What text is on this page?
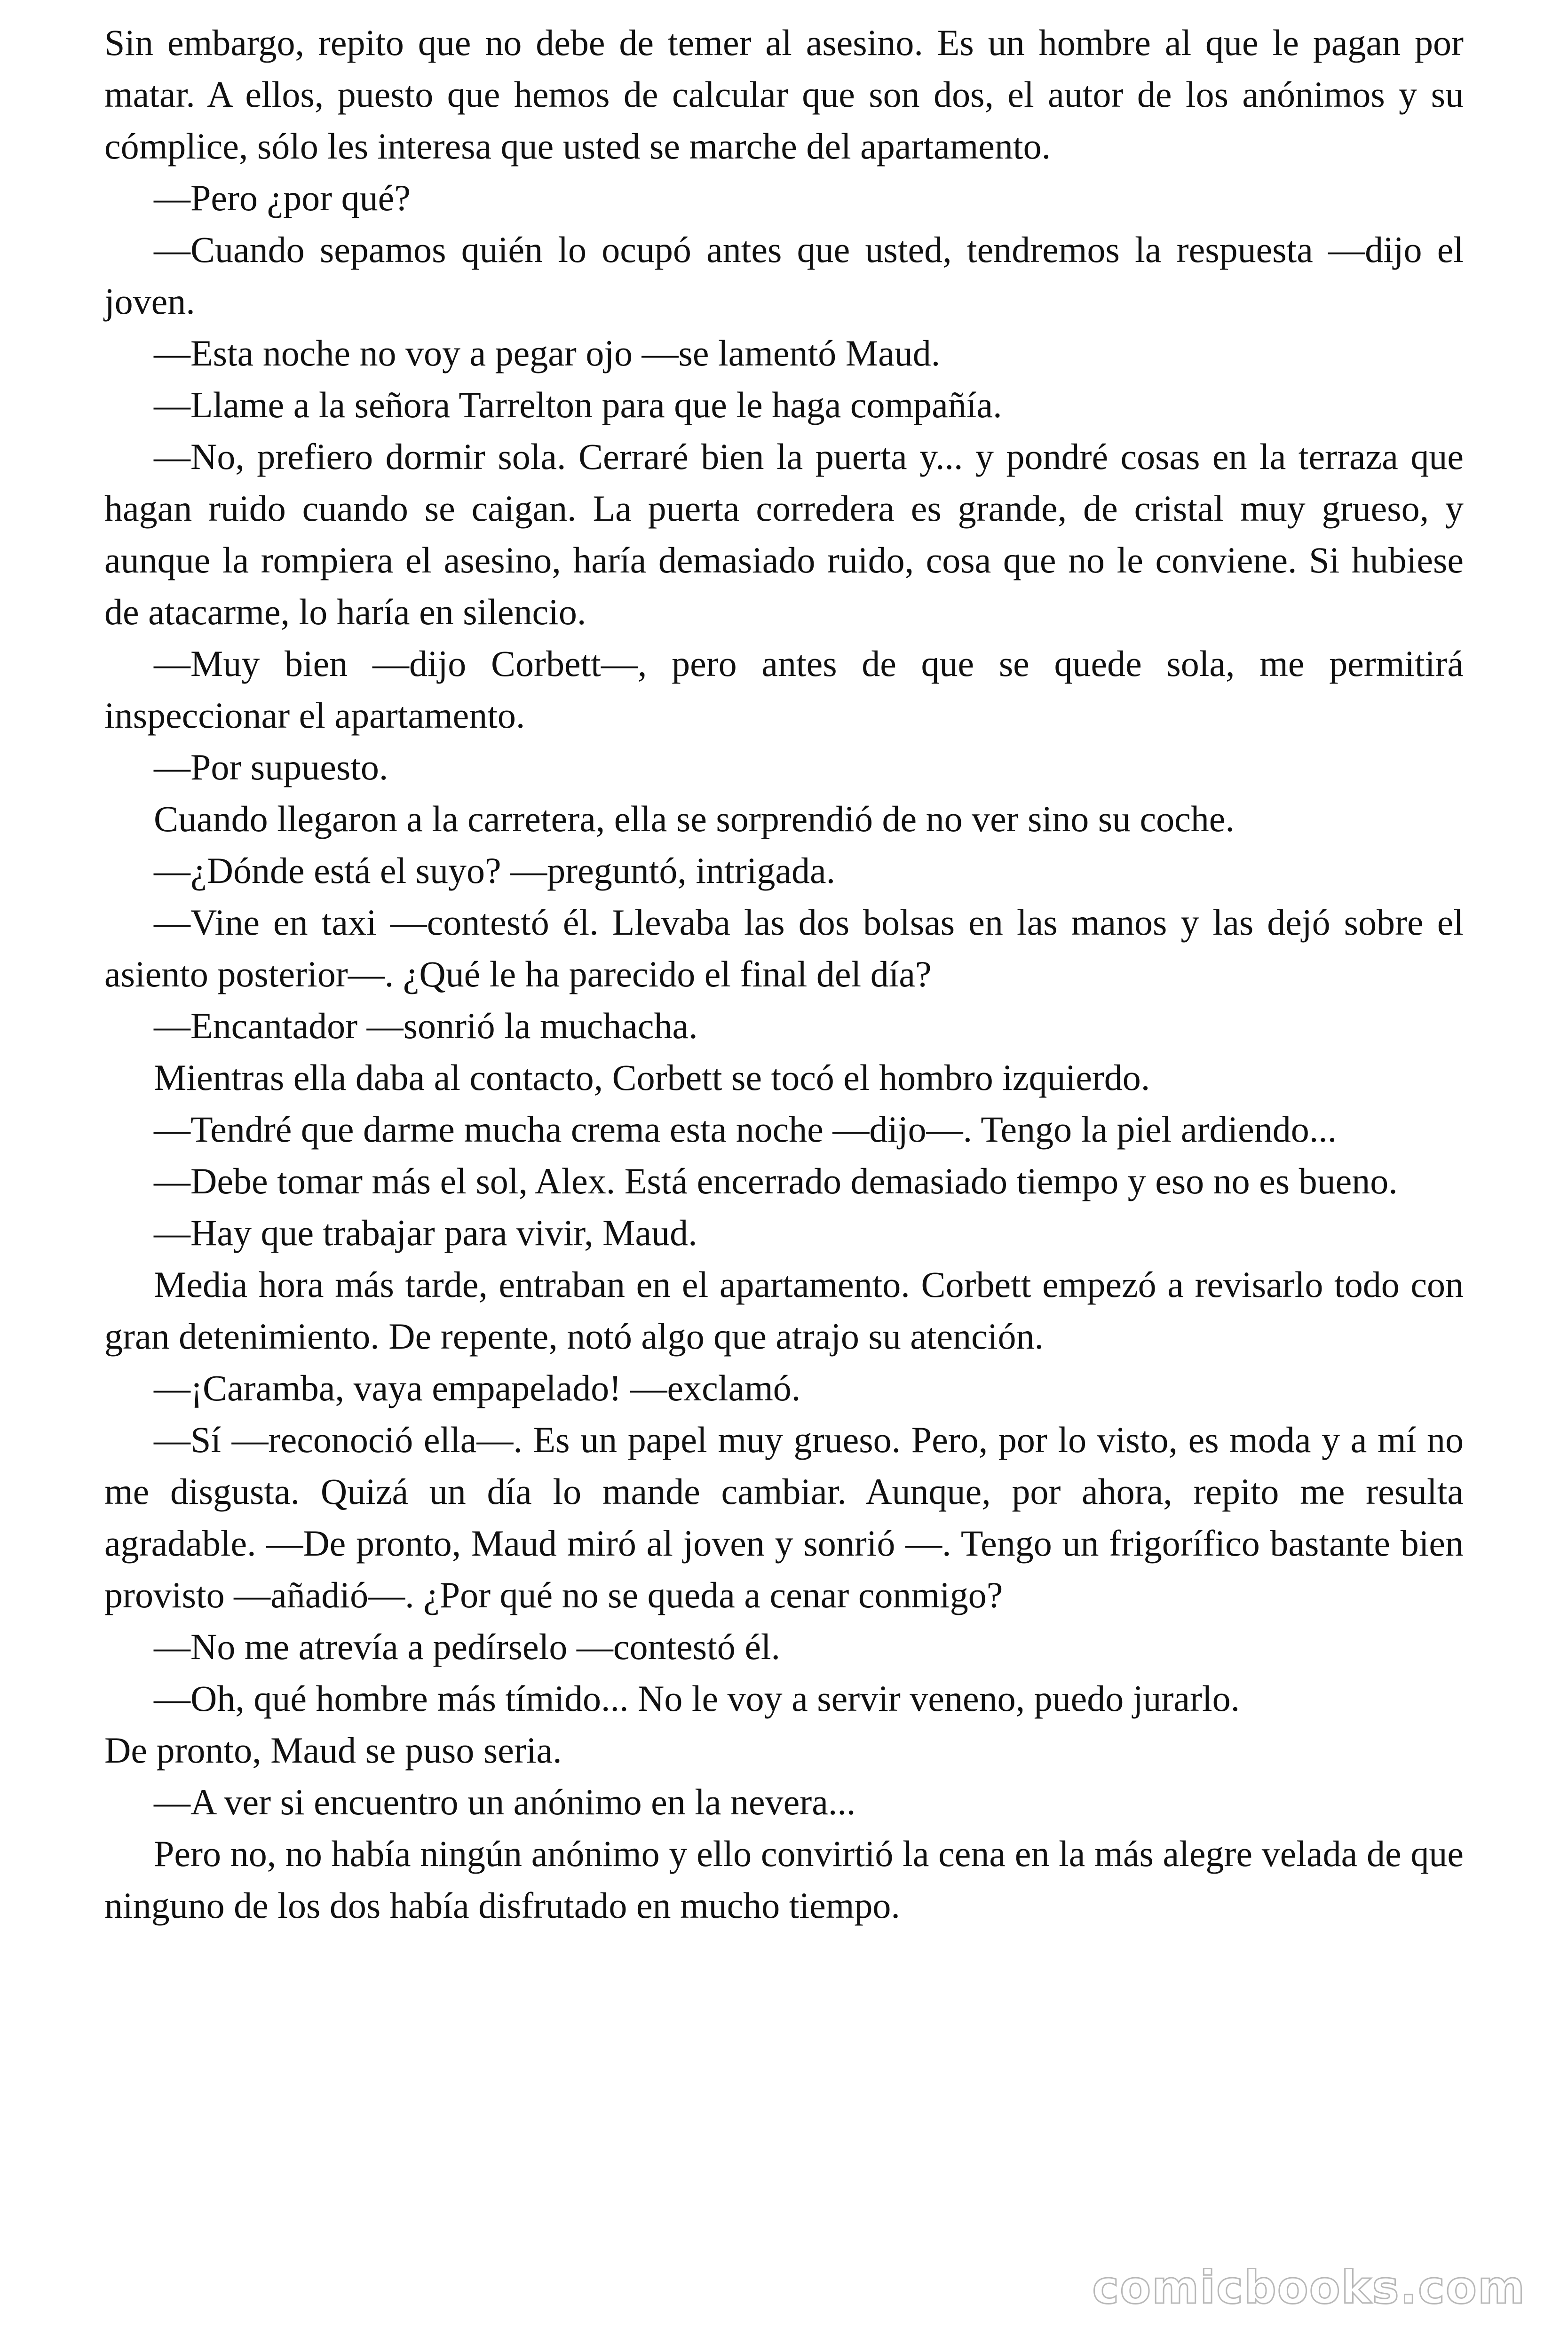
Sin embargo, repito que no debe de temer al asesino. Es un hombre al que le pagan por matar. A ellos, puesto que hemos de calcular que son dos, el autor de los anónimos y su cómplice, sólo les interesa que usted se marche del apartamento.

—Pero ¿por qué?

—Cuando sepamos quién lo ocupó antes que usted, tendremos la respuesta —dijo el joven.

—Esta noche no voy a pegar ojo —se lamentó Maud.

—Llame a la señora Tarrelton para que le haga compañía.

—No, prefiero dormir sola. Cerraré bien la puerta y... y pondré cosas en la terraza que hagan ruido cuando se caigan. La puerta corredera es grande, de cristal muy grueso, y aunque la rompiera el asesino, haría demasiado ruido, cosa que no le conviene. Si hubiese de atacarme, lo haría en silencio.

—Muy bien —dijo Corbett—, pero antes de que se quede sola, me permitirá inspeccionar el apartamento.

—Por supuesto.

Cuando llegaron a la carretera, ella se sorprendió de no ver sino su coche.

—¿Dónde está el suyo? —preguntó, intrigada.

—Vine en taxi —contestó él. Llevaba las dos bolsas en las manos y las dejó sobre el asiento posterior—. ¿Qué le ha parecido el final del día?

—Encantador —sonrió la muchacha.

Mientras ella daba al contacto, Corbett se tocó el hombro izquierdo.

—Tendré que darme mucha crema esta noche —dijo—. Tengo la piel ardiendo...

—Debe tomar más el sol, Alex. Está encerrado demasiado tiempo y eso no es bueno.

—Hay que trabajar para vivir, Maud.

Media hora más tarde, entraban en el apartamento. Corbett empezó a revisarlo todo con gran detenimiento. De repente, notó algo que atrajo su atención.

—¡Caramba, vaya empapelado! —exclamó.

—Sí —reconoció ella—. Es un papel muy grueso. Pero, por lo visto, es moda y a mí no me disgusta. Quizá un día lo mande cambiar. Aunque, por ahora, repito me resulta agradable. —De pronto, Maud miró al joven y sonrió —. Tengo un frigorífico bastante bien provisto —añadió—. ¿Por qué no se queda a cenar conmigo?

—No me atrevía a pedírselo —contestó él.

—Oh, qué hombre más tímido... No le voy a servir veneno, puedo jurarlo.

De pronto, Maud se puso seria.

—A ver si encuentro un anónimo en la nevera...

Pero no, no había ningún anónimo y ello convirtió la cena en la más alegre velada de que ninguno de los dos había disfrutado en mucho tiempo.

comicbooks.com
